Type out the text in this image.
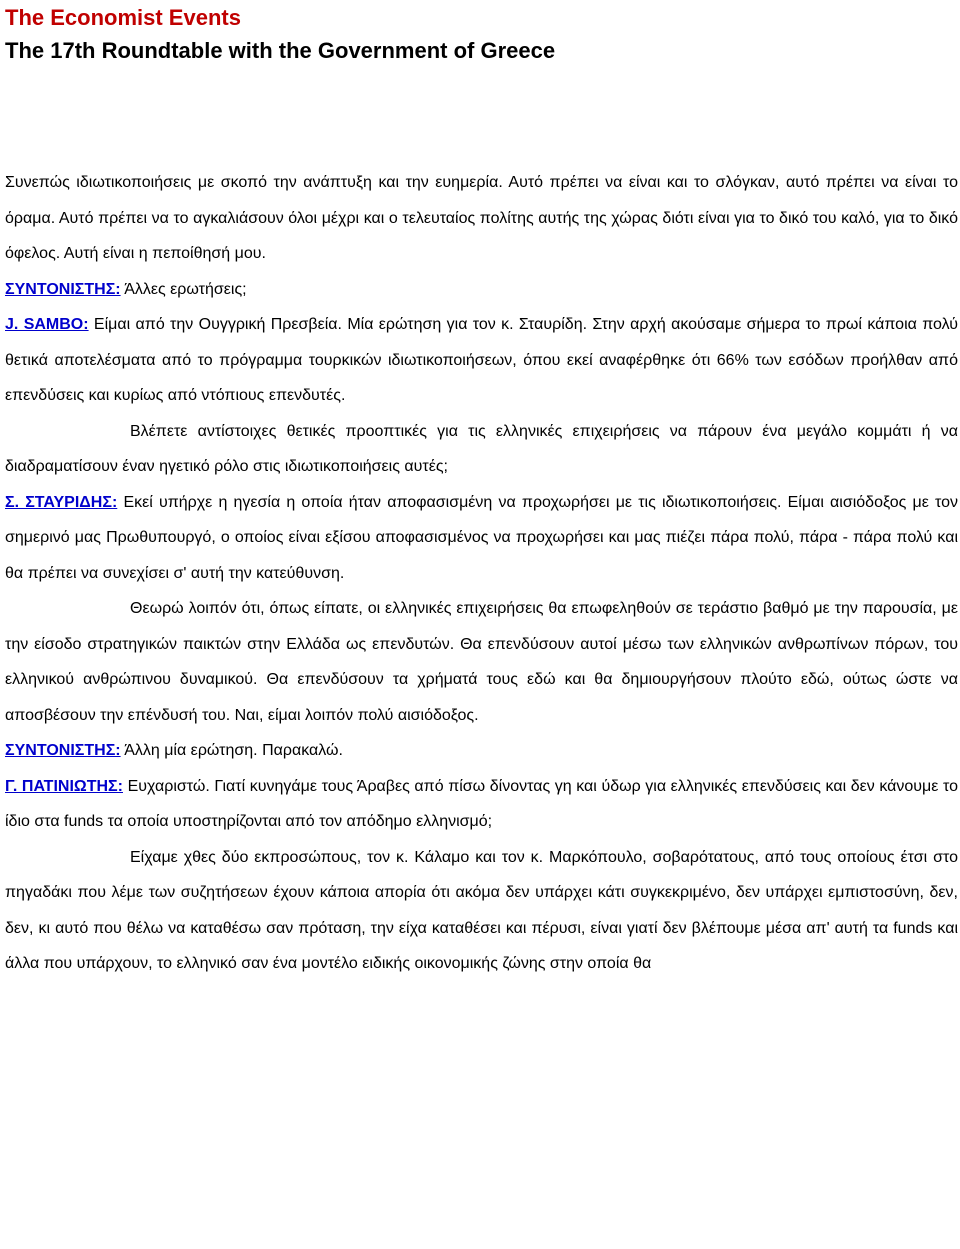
The Economist Events
The 17th Roundtable with the Government of Greece

Συνεπώς ιδιωτικοποιήσεις με σκοπό την ανάπτυξη και την ευημερία. Αυτό πρέπει να είναι και το σλόγκαν, αυτό πρέπει να είναι το όραμα. Αυτό πρέπει να το αγκαλιάσουν όλοι μέχρι και ο τελευταίος πολίτης αυτής της χώρας διότι είναι για το δικό του καλό, για το δικό όφελος. Αυτή είναι η πεποίθησή μου.

ΣΥΝΤΟΝΙΣΤΗΣ: Άλλες ερωτήσεις;

J. SAMBO: Είμαι από την Ουγγρική Πρεσβεία. Μία ερώτηση για τον κ. Σταυρίδη. Στην αρχή ακούσαμε σήμερα το πρωί κάποια πολύ θετικά αποτελέσματα από το πρόγραμμα τουρκικών ιδιωτικοποιήσεων, όπου εκεί αναφέρθηκε ότι 66% των εσόδων προήλθαν από επενδύσεις και κυρίως από ντόπιους επενδυτές.

Βλέπετε αντίστοιχες θετικές προοπτικές για τις ελληνικές επιχειρήσεις να πάρουν ένα μεγάλο κομμάτι ή να διαδραματίσουν έναν ηγετικό ρόλο στις ιδιωτικοποιήσεις αυτές;

Σ. ΣΤΑΥΡΙΔΗΣ: Εκεί υπήρχε η ηγεσία η οποία ήταν αποφασισμένη να προχωρήσει με τις ιδιωτικοποιήσεις. Είμαι αισιόδοξος με τον σημερινό μας Πρωθυπουργό, ο οποίος είναι εξίσου αποφασισμένος να προχωρήσει και μας πιέζει πάρα πολύ, πάρα - πάρα πολύ και θα πρέπει να συνεχίσει σ' αυτή την κατεύθυνση.

Θεωρώ λοιπόν ότι, όπως είπατε, οι ελληνικές επιχειρήσεις θα επωφεληθούν σε τεράστιο βαθμό με την παρουσία, με την είσοδο στρατηγικών παικτών στην Ελλάδα ως επενδυτών. Θα επενδύσουν αυτοί μέσω των ελληνικών ανθρωπίνων πόρων, του ελληνικού ανθρώπινου δυναμικού. Θα επενδύσουν τα χρήματά τους εδώ και θα δημιουργήσουν πλούτο εδώ, ούτως ώστε να αποσβέσουν την επένδυσή του. Ναι, είμαι λοιπόν πολύ αισιόδοξος.

ΣΥΝΤΟΝΙΣΤΗΣ: Άλλη μία ερώτηση. Παρακαλώ.

Γ. ΠΑΤΙΝΙΩΤΗΣ: Ευχαριστώ. Γιατί κυνηγάμε τους Άραβες από πίσω δίνοντας γη και ύδωρ για ελληνικές επενδύσεις και δεν κάνουμε το ίδιο στα funds τα οποία υποστηρίζονται από τον απόδημο ελληνισμό;

Είχαμε χθες δύο εκπροσώπους, τον κ. Κάλαμο και τον κ. Μαρκόπουλο, σοβαρότατους, από τους οποίους έτσι στο πηγαδάκι που λέμε των συζητήσεων έχουν κάποια απορία ότι ακόμα δεν υπάρχει κάτι συγκεκριμένο, δεν υπάρχει εμπιστοσύνη, δεν, δεν, κι αυτό που θέλω να καταθέσω σαν πρόταση, την είχα καταθέσει και πέρυσι, είναι γιατί δεν βλέπουμε μέσα απ' αυτή τα funds και άλλα που υπάρχουν, το ελληνικό σαν ένα μοντέλο ειδικής οικονομικής ζώνης στην οποία θα
